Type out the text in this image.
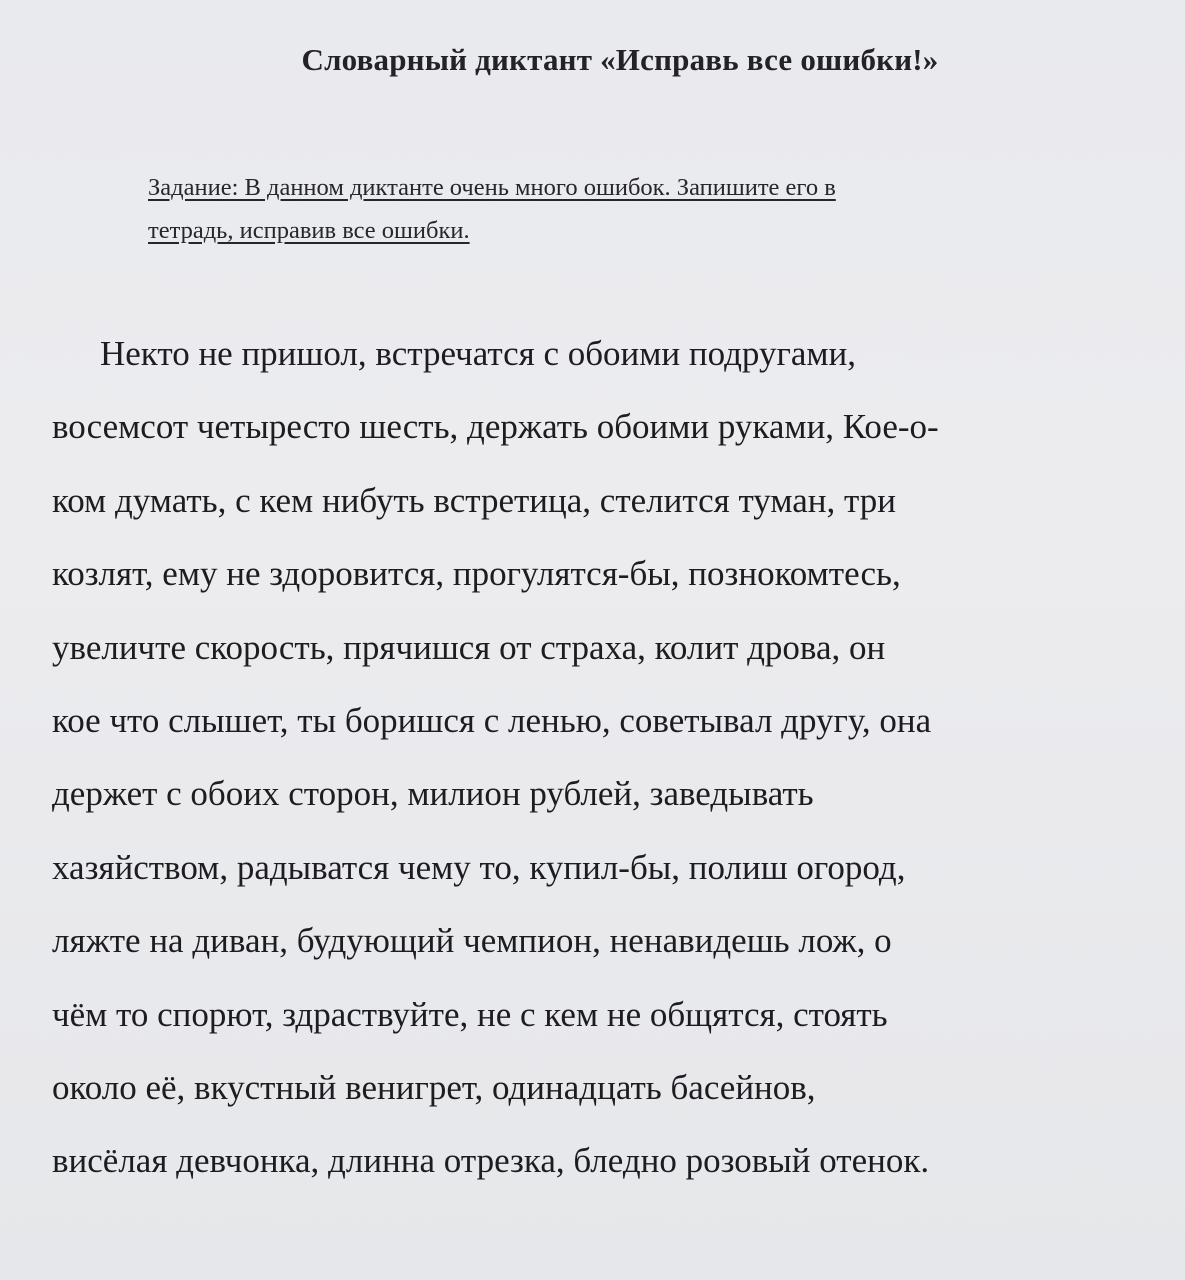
Словарный диктант «Исправь все ошибки!»
Задание: В данном диктанте очень много ошибок. Запишите его в
тетрадь, исправив все ошибки.
Некто не пришол, встречатся с обоими подругами,
восемсот четыресто шесть, держать обоими руками, Кое-о-
ком думать, с кем нибуть встретица, стелится туман, три
козлят, ему не здоровится, прогулятся-бы, познокомтесь,
увеличте скорость, прячишся от страха, колит дрова, он
кое что слышет, ты боришся с ленью, советывал другу, она
держет с обоих сторон, милион рублей, заведывать
хазяйством, радыватся чему то, купил-бы, полиш огород,
ляжте на диван, будующий чемпион, ненавидешь лож, о
чём то спорют, здраствуйте, не с кем не общятся, стоять
около её, вкустный венигрет, одинадцать басейнов,
висёлая девчонка, длинна отрезка, бледно розовый отенок.
